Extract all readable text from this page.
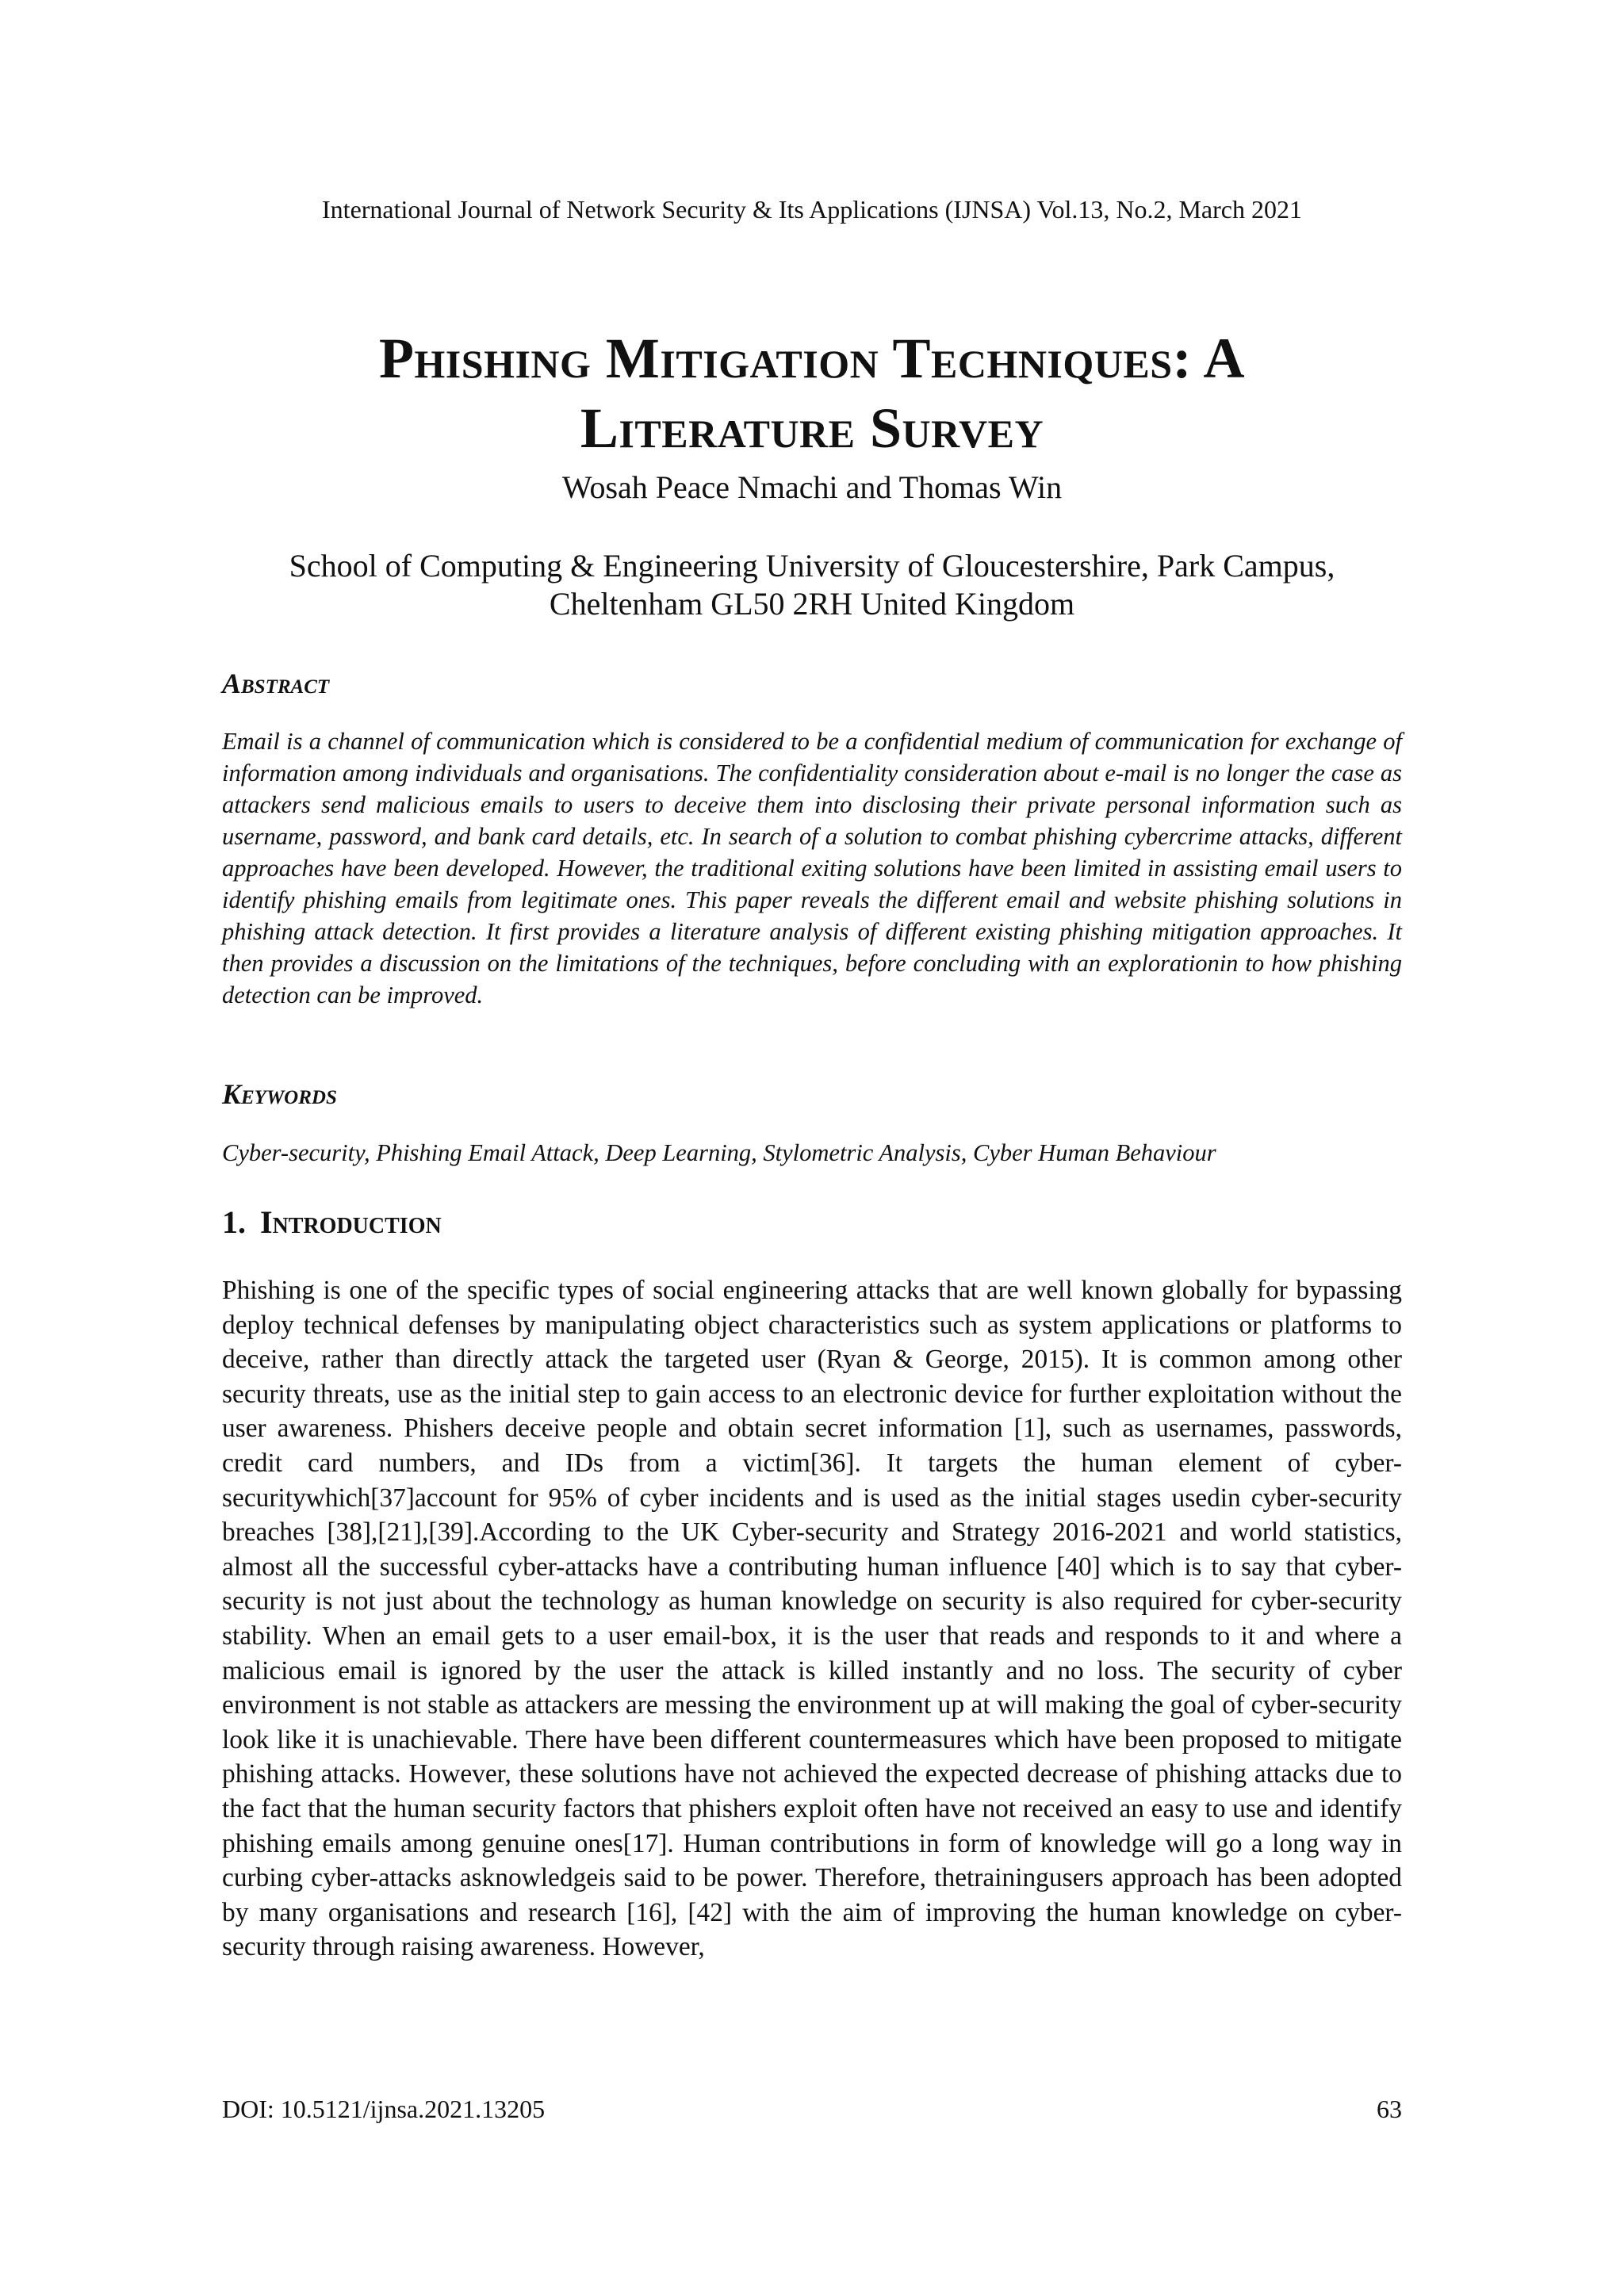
International Journal of Network Security & Its Applications (IJNSA) Vol.13, No.2, March 2021
Phishing Mitigation Techniques: A
Literature Survey
Wosah Peace Nmachi and Thomas Win
School of Computing & Engineering University of Gloucestershire, Park Campus,
Cheltenham GL50 2RH United Kingdom
Abstract
Email is a channel of communication which is considered to be a confidential medium of communication for exchange of information among individuals and organisations. The confidentiality consideration about e-mail is no longer the case as attackers send malicious emails to users to deceive them into disclosing their private personal information such as username, password, and bank card details, etc. In search of a solution to combat phishing cybercrime attacks, different approaches have been developed. However, the traditional exiting solutions have been limited in assisting email users to identify phishing emails from legitimate ones. This paper reveals the different email and website phishing solutions in phishing attack detection. It first provides a literature analysis of different existing phishing mitigation approaches. It then provides a discussion on the limitations of the techniques, before concluding with an explorationin to how phishing detection can be improved.
Keywords
Cyber-security, Phishing Email Attack, Deep Learning, Stylometric Analysis, Cyber Human Behaviour
1. Introduction
Phishing is one of the specific types of social engineering attacks that are well known globally for bypassing deploy technical defenses by manipulating object characteristics such as system applications or platforms to deceive, rather than directly attack the targeted user (Ryan & George, 2015). It is common among other security threats, use as the initial step to gain access to an electronic device for further exploitation without the user awareness. Phishers deceive people and obtain secret information [1], such as usernames, passwords, credit card numbers, and IDs from a victim[36]. It targets the human element of cyber-securitywhich[37]account for 95% of cyber incidents and is used as the initial stages usedin cyber-security breaches [38],[21],[39].According to the UK Cyber-security and Strategy 2016-2021 and world statistics, almost all the successful cyber-attacks have a contributing human influence [40] which is to say that cyber-security is not just about the technology as human knowledge on security is also required for cyber-security stability. When an email gets to a user email-box, it is the user that reads and responds to it and where a malicious email is ignored by the user the attack is killed instantly and no loss. The security of cyber environment is not stable as attackers are messing the environment up at will making the goal of cyber-security look like it is unachievable. There have been different countermeasures which have been proposed to mitigate phishing attacks. However, these solutions have not achieved the expected decrease of phishing attacks due to the fact that the human security factors that phishers exploit often have not received an easy to use and identify phishing emails among genuine ones[17]. Human contributions in form of knowledge will go a long way in curbing cyber-attacks asknowledgeis said to be power. Therefore, thetrainingusers approach has been adopted by many organisations and research [16], [42] with the aim of improving the human knowledge on cyber-security through raising awareness. However,
DOI: 10.5121/ijnsa.2021.13205	63
